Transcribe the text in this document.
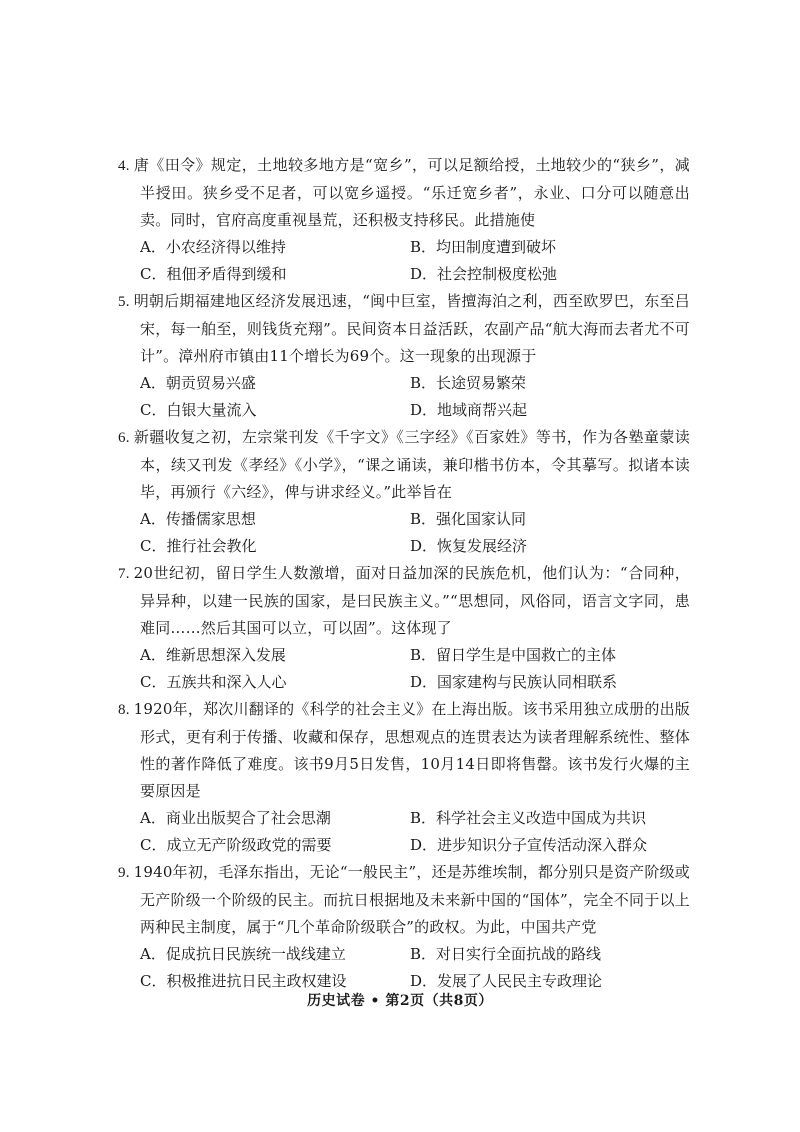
4. 唐《田令》规定，土地较多地方是“宽乡”，可以足额给授，土地较少的“狭乡”，减半授田。狭乡受不足者，可以宽乡遥授。“乐迁宽乡者”，永业、口分可以随意出卖。同时，官府高度重视垦荒，还积极支持移民。此措施使
A．小农经济得以维持	B．均田制度遭到破坏
C．租佃矛盾得到缓和	D．社会控制极度松弛
5. 明朝后期福建地区经济发展迅速，“闽中巨室，皆擅海泊之利，西至欧罗巴，东至吕宋，每一舶至，则钱货充翔”。民间资本日益活跃，农副产品“航大海而去者尤不可计”。漳州府市镇由11个增长为69个。这一现象的出现源于
A．朝贡贸易兴盛	B．长途贸易繁荣
C．白银大量流入	D．地域商帮兴起
6. 新疆收复之初，左宗棠刊发《千字文》《三字经》《百家姓》等书，作为各塾童蒙读本，续又刊发《孝经》《小学》，“课之诵读，兼印楷书仿本，令其摹写。拟诸本读毕，再颁行《六经》，俾与讲求经义。”此举旨在
A．传播儒家思想	B．强化国家认同
C．推行社会教化	D．恢复发展经济
7. 20世纪初，留日学生人数激增，面对日益加深的民族危机，他们认为：“合同种，异异种，以建一民族的国家，是曰民族主义。”“思想同，风俗同，语言文字同，患难同……然后其国可以立，可以固”。这体现了
A．维新思想深入发展	B．留日学生是中国救亡的主体
C．五族共和深入人心	D．国家建构与民族认同相联系
8. 1920年，郑次川翻译的《科学的社会主义》在上海出版。该书采用独立成册的出版形式，更有利于传播、收藏和保存，思想观点的连贯表达为读者理解系统性、整体性的著作降低了难度。该书9月5日发售，10月14日即将售罄。该书发行火爆的主要原因是
A．商业出版契合了社会思潮	B．科学社会主义改造中国成为共识
C．成立无产阶级政党的需要	D．进步知识分子宣传活动深入群众
9. 1940年初，毛泽东指出，无论“一般民主”，还是苏维埃制，都分别只是资产阶级或无产阶级一个阶级的民主。而抗日根据地及未来新中国的“国体”，完全不同于以上两种民主制度，属于“几个革命阶级联合”的政权。为此，中国共产党
A．促成抗日民族统一战线建立	B．对日实行全面抗战的路线
C．积极推进抗日民主政权建设	D．发展了人民民主专政理论
历史试卷 • 第2页（共8页）
